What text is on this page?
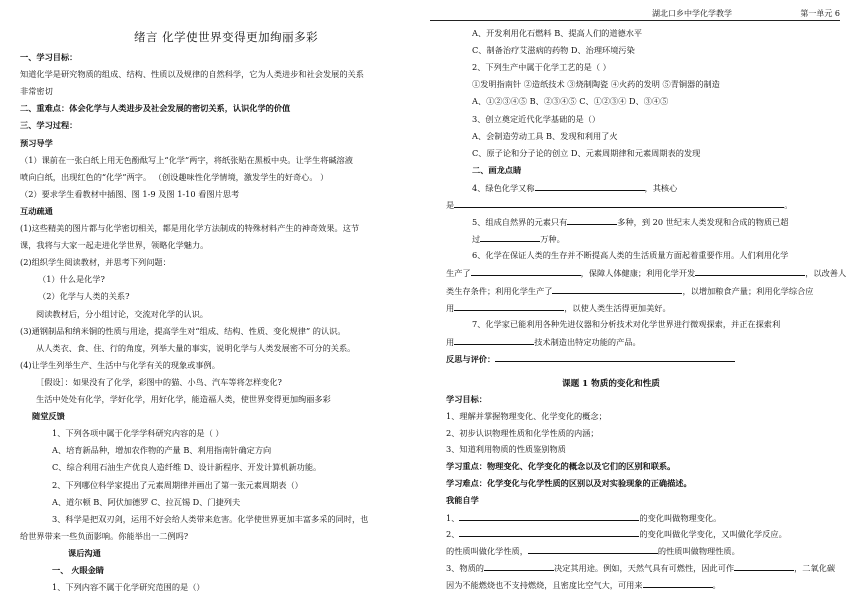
湖北口乡中学化学教学	第一单元 6
绪言 化学使世界变得更加绚丽多彩
一、学习目标：
知道化学是研究物质的组成、结构、性质以及规律的自然科学，它为人类进步和社会发展的关系
非常密切
二、重难点：体会化学与人类进步及社会发展的密切关系，认识化学的价值
三、学习过程：
预习导学
（1）课前在一张白纸上用无色酚酞写上“化学”两字，将纸张贴在黑板中央。让学生将碱溶液
喷向白纸，出现红色的“化学”两字。 （创设趣味性化学情境，激发学生的好奇心。 ）
（2）要求学生看教材中插图、图 1-9 及图 1-10 看图片思考
互动疏通
(1)这些精美的图片都与化学密切相关，都是用化学方法制成的特殊材料产生的神奇效果。这节
课，我将与大家一起走进化学世界，领略化学魅力。
(2)组织学生阅读教材，并思考下列问题：
（1）什么是化学?
（2）化学与人类的关系?
阅读教材后，分小组讨论，交流对化学的认识。
(3)通钢制品和纳米铜的性质与用途，提高学生对“组成、结构、性质、变化规律” 的认识。
从人类衣、食、住、行的角度，列举大量的事实，说明化学与人类发展密不可分的关系。
(4)让学生列举生产、生活中与化学有关的现象或事例。
［假设］：如果没有了化学，彩图中的猫、小鸟、汽车等将怎样变化?
生活中处处有化学，学好化学，用好化学，能造福人类，使世界变得更加绚丽多彩
随堂反馈
1、下列各项中属于化学学科研究内容的是（ ）
A、培育新品种，增加农作物的产量 B、利用指南针确定方向
C、综合利用石油生产优良人造纤维 D、设计新程序、开发计算机新功能。
2、下列哪位科学家提出了元素周期律并画出了第一张元素周期表（）
A、道尔顿 B、阿伏加德罗 C、拉瓦锡 D、门捷列夫
3、科学是把双刃剑，运用不好会给人类带来危害。化学使世界更加丰富多采的同时，也
给世界带来一些负面影响。你能举出一二例吗?
课后沟通
一、 火眼金睛
1、下列内容不属于化学研究范围的是（）
课题 1 物质的变化和性质
A、开发利用化石燃料 B、提高人们的道德水平
C、制备治疗艾滋病的药物 D、治理环境污染
2、下列生产中属于化学工艺的是（ ）
①发明指南针 ②造纸技术 ③烧制陶瓷 ④火药的发明 ⑤青铜器的制造
A、①②③④⑤ B、②③④⑤ C、①②③④ D、③④⑤
3、创立奠定近代化学基础的是（）
A、会制造劳动工具 B、发现和利用了火
C、原子论和分子论的创立 D、元素周期律和元素周期表的发现
二、画龙点睛
4、绿色化学又称	，其核心
是	。
5、组成自然界的元素只有	多种，到 20 世纪末人类发现和合成的物质已超
过	万种。
6、化学在保证人类的生存并不断提高人类的生活质量方面起着重要作用。人们利用化学
生产了	，保障人体健康；利用化学开发	，以改善人
类生存条件；利用化学生产了	，以增加粮食产量；利用化学综合应
用	，以使人类生活得更加美好。
7、化学家已能利用各种先进仪器和分析技术对化学世界进行微观探索，并正在探索利
用	技术制造出特定功能的产品。
反思与评价：
学习目标：
1、理解并掌握物理变化、化学变化的概念；
2、初步认识物理性质和化学性质的内涵；
3、知道利用物质的性质鉴别物质
学习重点：物理变化、化学变化的概念以及它们的区别和联系。
学习难点：化学变化与化学性质的区别以及对实验现象的正确描述。
我能自学
1、	的变化叫做物理变化。
2、	的变化叫做化学变化，又叫做化学反应。
的性质叫做化学性质，	的性质叫做物理性质。
3、物质的	决定其用途。例如，天然气具有可燃性，因此可作	，二氧化碳
因为不能燃烧也不支持燃烧，且密度比空气大，可用来	。
